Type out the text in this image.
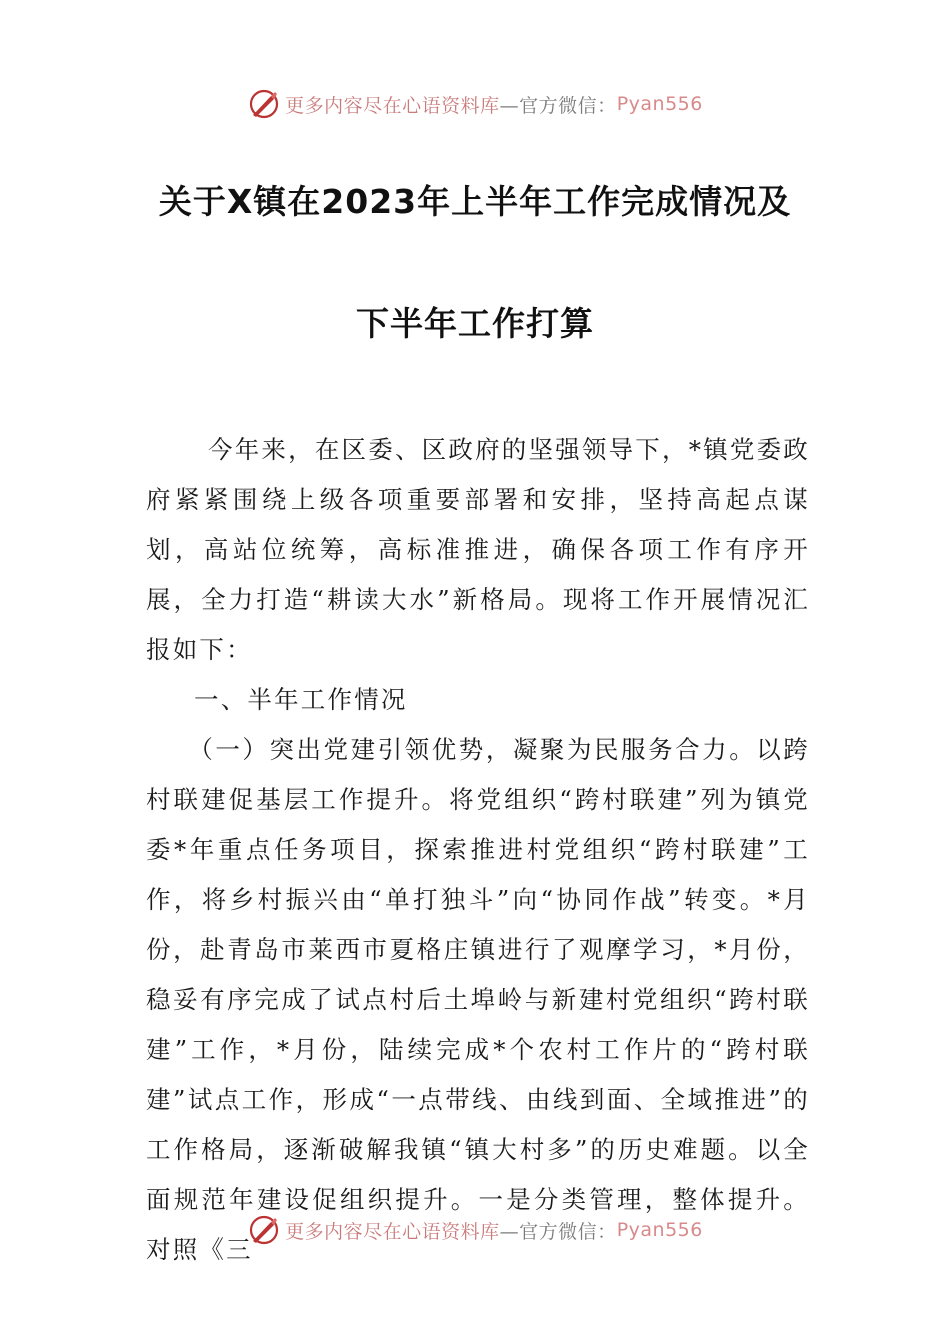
更多内容尽在心语资料库 —官方微信： Pyan556
关于X镇在2023年上半年工作完成情况及
下半年工作打算

今年来，在区委、区政府的坚强领导下，*镇党委政府紧紧围绕上级各项重要部署和安排，坚持高起点谋划，高站位统筹，高标准推进，确保各项工作有序开展，全力打造“耕读大水”新格局。现将工作开展情况汇报如下：

一、半年工作情况

（一）突出党建引领优势，凝聚为民服务合力。以跨村联建促基层工作提升。将党组织“跨村联建”列为镇党委*年重点任务项目，探索推进村党组织“跨村联建”工作，将乡村振兴由“单打独斗”向“协同作战”转变。*月份，赴青岛市莱西市夏格庄镇进行了观摩学习，*月份，稳妥有序完成了试点村后土埠岭与新建村党组织“跨村联建”工作，*月份，陆续完成*个农村工作片的“跨村联建”试点工作，形成“一点带线、由线到面、全域推进”的工作格局，逐渐破解我镇“镇大村多”的历史难题。以全面规范年建设促组织提升。一是分类管理，整体提升。对照《三

更多内容尽在心语资料库 —官方微信： Pyan556
